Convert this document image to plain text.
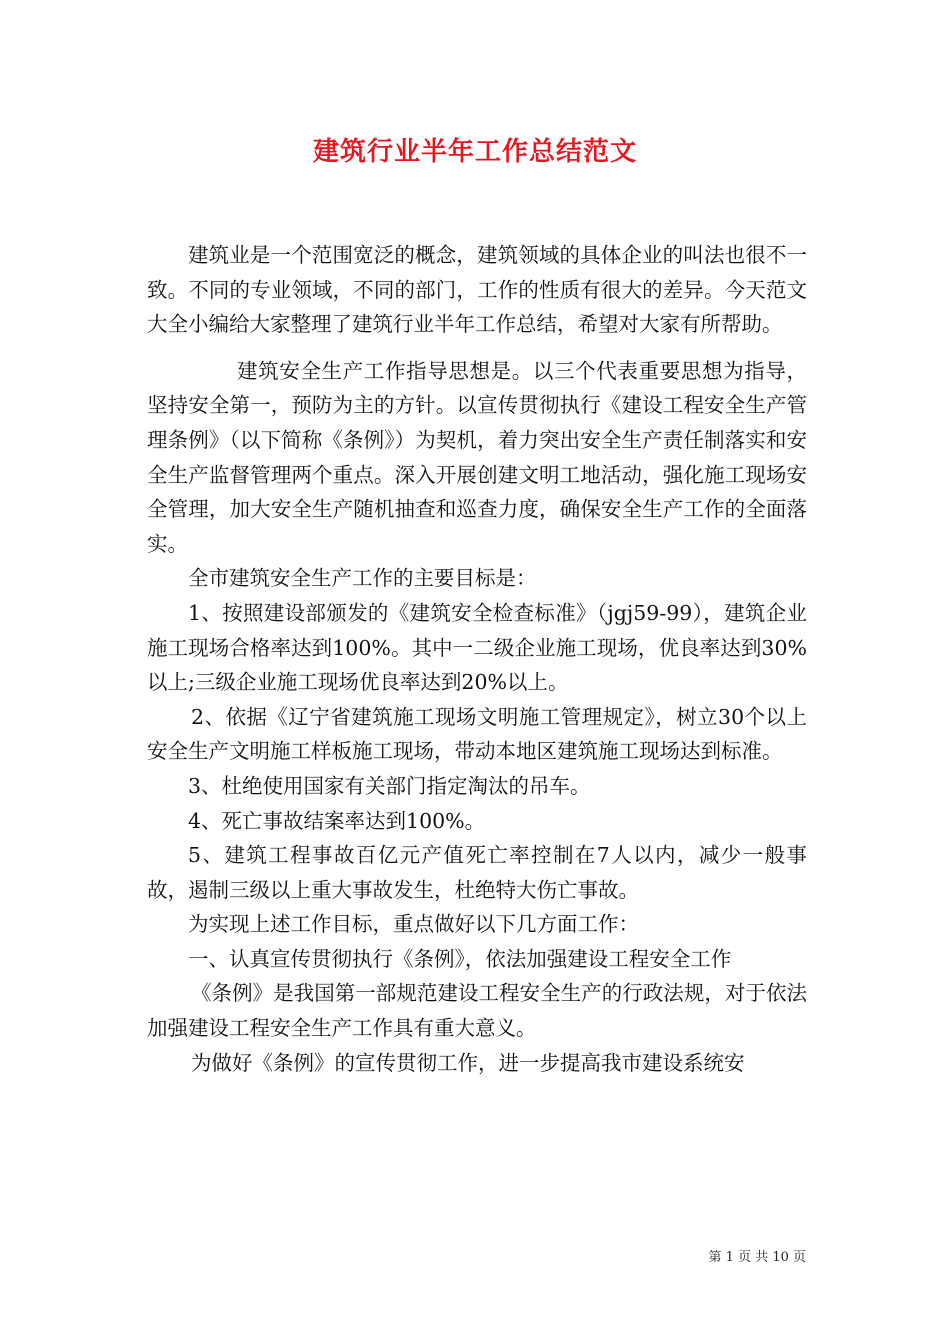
建筑行业半年工作总结范文

建筑业是一个范围宽泛的概念，建筑领域的具体企业的叫法也很不一致。不同的专业领域，不同的部门，工作的性质有很大的差异。今天范文大全小编给大家整理了建筑行业半年工作总结，希望对大家有所帮助。

建筑安全生产工作指导思想是。以三个代表重要思想为指导，坚持安全第一，预防为主的方针。以宣传贯彻执行《建设工程安全生产管理条例》（以下简称《条例》）为契机，着力突出安全生产责任制落实和安全生产监督管理两个重点。深入开展创建文明工地活动，强化施工现场安全管理，加大安全生产随机抽查和巡查力度，确保安全生产工作的全面落实。

全市建筑安全生产工作的主要目标是：

1、按照建设部颁发的《建筑安全检查标准》（jgj59-99），建筑企业施工现场合格率达到100%。其中一二级企业施工现场，优良率达到30%以上;三级企业施工现场优良率达到20%以上。

2、依据《辽宁省建筑施工现场文明施工管理规定》，树立30个以上安全生产文明施工样板施工现场，带动本地区建筑施工现场达到标准。

3、杜绝使用国家有关部门指定淘汰的吊车。

4、死亡事故结案率达到100%。

5、建筑工程事故百亿元产值死亡率控制在7人以内，减少一般事故，遏制三级以上重大事故发生，杜绝特大伤亡事故。

为实现上述工作目标，重点做好以下几方面工作：

一、认真宣传贯彻执行《条例》，依法加强建设工程安全工作

《条例》是我国第一部规范建设工程安全生产的行政法规，对于依法加强建设工程安全生产工作具有重大意义。

为做好《条例》的宣传贯彻工作，进一步提高我市建设系统安

第 1 页 共 10 页
